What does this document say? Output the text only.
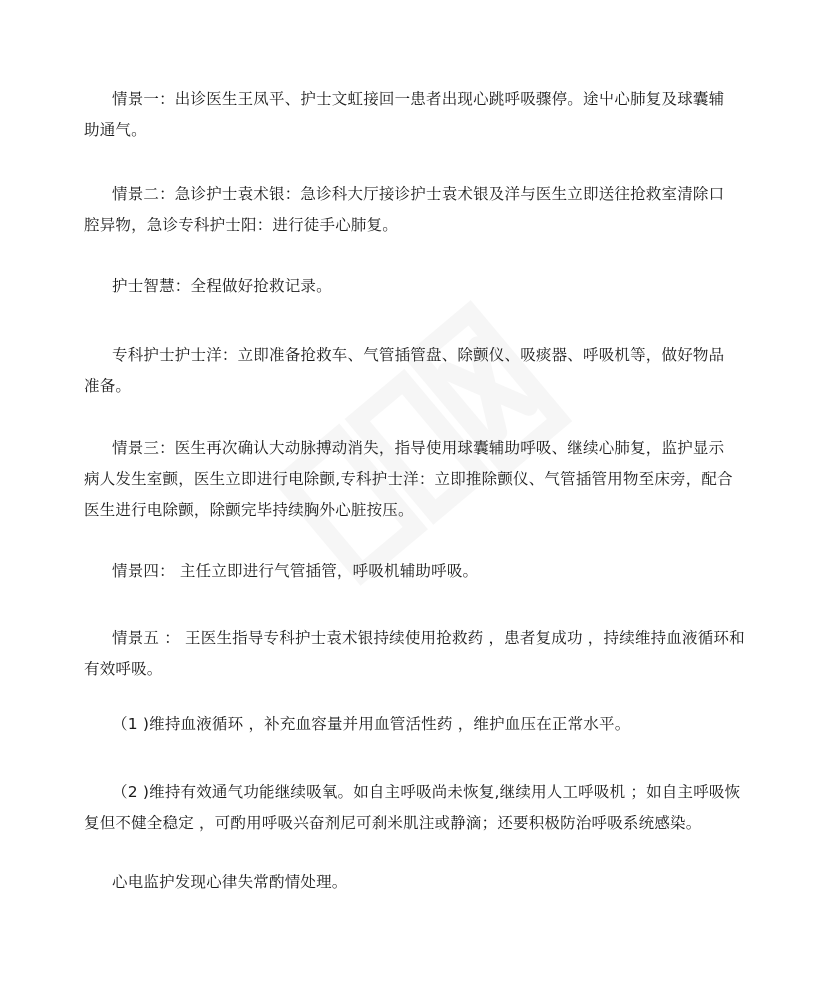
情景一：出诊医生王凤平、护士文虹接回一患者出现心跳呼吸骤停。途屮心肺复及球囊辅
助通气。

情景二：急诊护士袁术银：急诊科大厅接诊护士袁术银及洋与医生立即送往抢救室清除口
腔异物，急诊专科护士阳：进行徒手心肺复。

护士智慧：全程做好抢救记录。

专科护士护士洋：立即准备抢救车、气管插管盘、除颤仪、吸痰器、呼吸机等，做好物品
准备。

情景三：医生再次确认大动脉搏动消失，指导使用球囊辅助呼吸、继续心肺复，监护显示
病人发生室颤，医生立即进行电除颤,专科护士洋：立即推除颤仪、气管插管用物至床旁，配合
医生进行电除颤，除颤完毕持续胸外心脏按压。

情景四： 主任立即进行气管插管，呼吸机辅助呼吸。

情景五 ： 王医生指导专科护士袁术银持续使用抢救药 ，患者复成功 ，持续维持血液循环和
有效呼吸。

（1 )维持血液循环 ，补充血容量并用血管活性药 ，维护血压在正常水平。

（2 )维持有效通气功能继续吸氧。如自主呼吸尚未恢复,继续用人工呼吸机 ；如自主呼吸恢
复但不健全稳定 ，可酌用呼吸兴奋剂尼可刹米肌注或静滴；还要积极防治呼吸系统感染。

心电监护发现心律失常酌情处理。
